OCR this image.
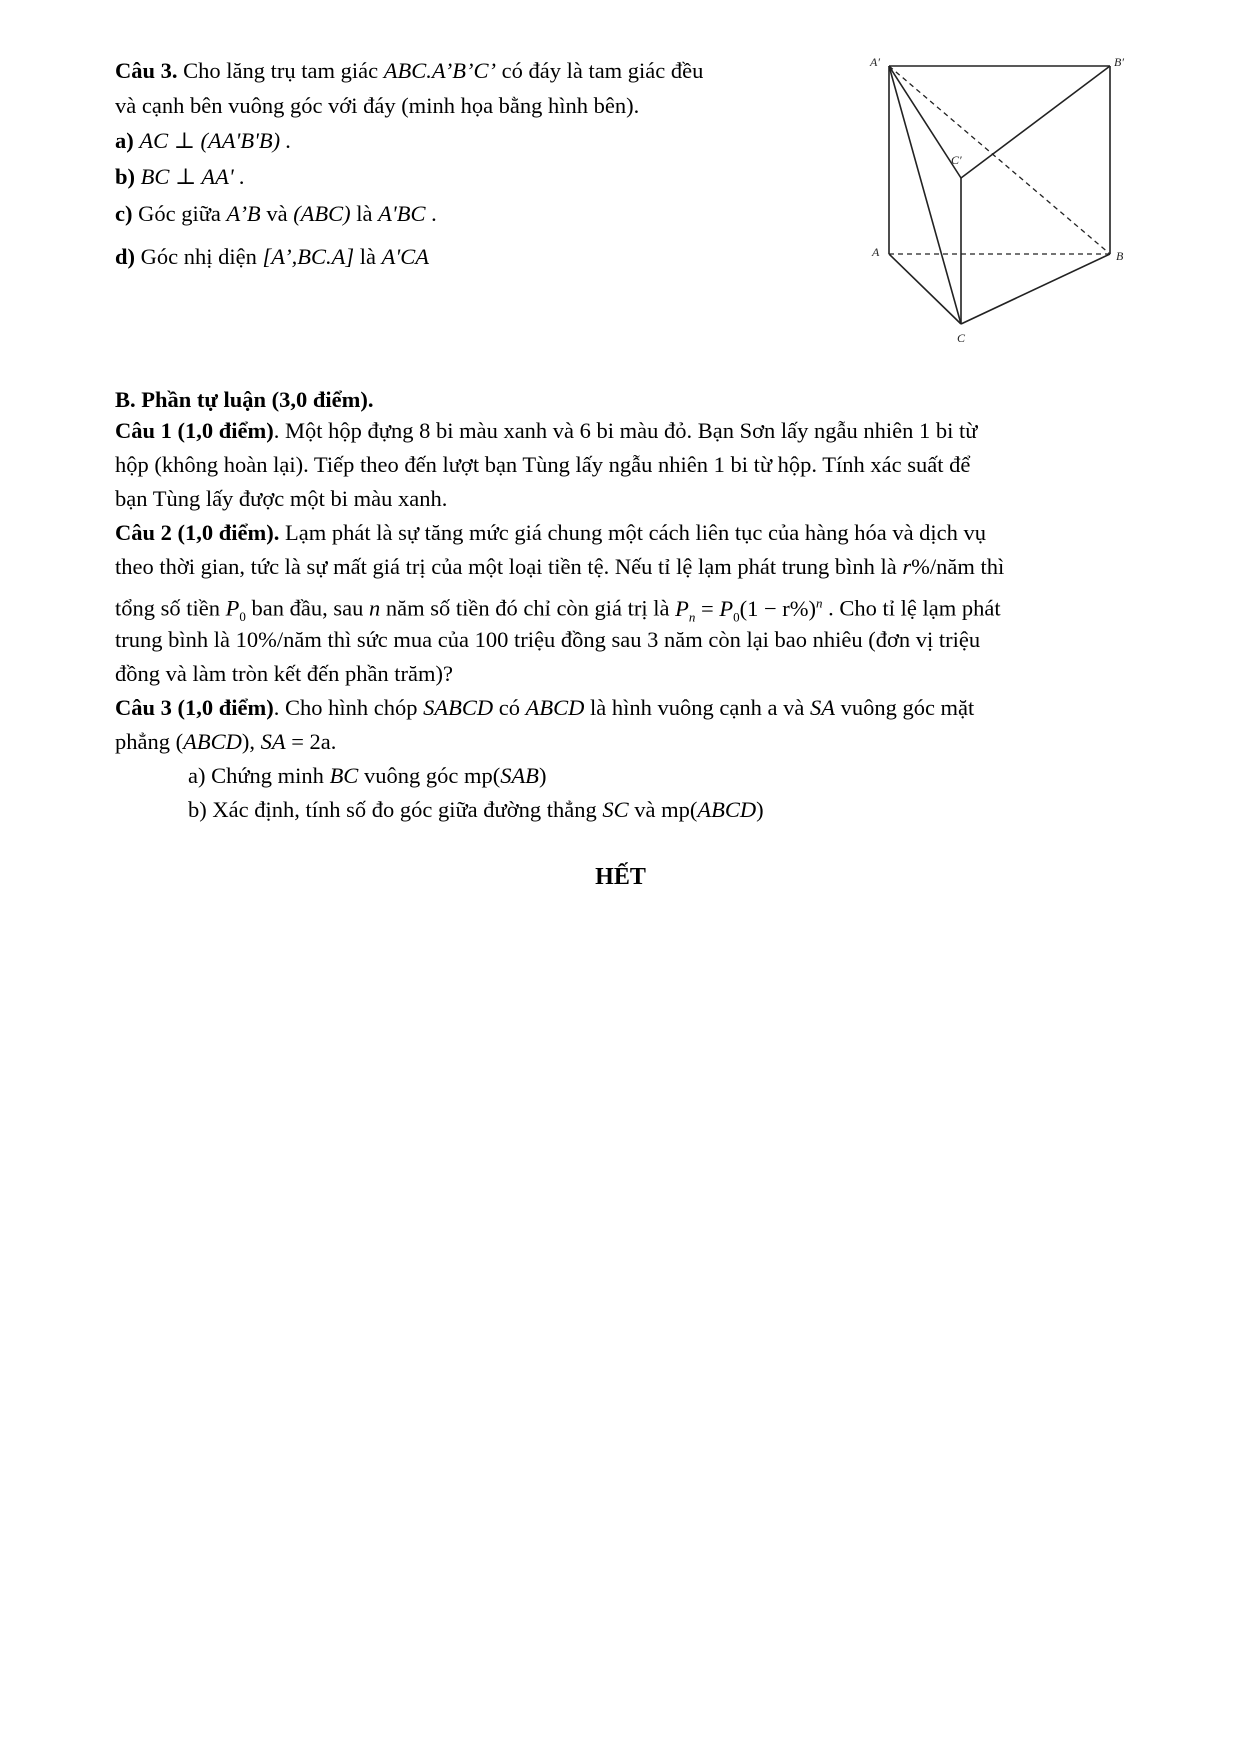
Câu 3. Cho lăng trụ tam giác ABC.A’B’C’ có đáy là tam giác đều
và cạnh bên vuông góc với đáy (minh họa bằng hình bên).
a) AC ⊥ (AA'B'B) .
b) BC ⊥ AA' .
c) Góc giữa A’B và (ABC) là A'BC .
d) Góc nhị diện [A’,BC.A] là A'CA
A′	B′
C′
A	B
C
B. Phần tự luận (3,0 điểm).
Câu 1 (1,0 điểm). Một hộp đựng 8 bi màu xanh và 6 bi màu đỏ. Bạn Sơn lấy ngẫu nhiên 1 bi từ
hộp (không hoàn lại). Tiếp theo đến lượt bạn Tùng lấy ngẫu nhiên 1 bi từ hộp. Tính xác suất để
bạn Tùng lấy được một bi màu xanh.
Câu 2 (1,0 điểm). Lạm phát là sự tăng mức giá chung một cách liên tục của hàng hóa và dịch vụ
theo thời gian, tức là sự mất giá trị của một loại tiền tệ. Nếu tỉ lệ lạm phát trung bình là r%/năm thì
tổng số tiền $P_0$ ban đầu, sau n năm số tiền đó chỉ còn giá trị là $P_n = P_0(1 - r\%)^n$ . Cho tỉ lệ lạm phát
trung bình là 10%/năm thì sức mua của 100 triệu đồng sau 3 năm còn lại bao nhiêu (đơn vị triệu
đồng và làm tròn kết đến phần trăm)?
Câu 3 (1,0 điểm). Cho hình chóp SABCD có ABCD là hình vuông cạnh a và SA vuông góc mặt
phẳng (ABCD), SA = 2a.
a) Chứng minh BC vuông góc mp(SAB)
b) Xác định, tính số đo góc giữa đường thẳng SC và mp(ABCD)
HẾT
